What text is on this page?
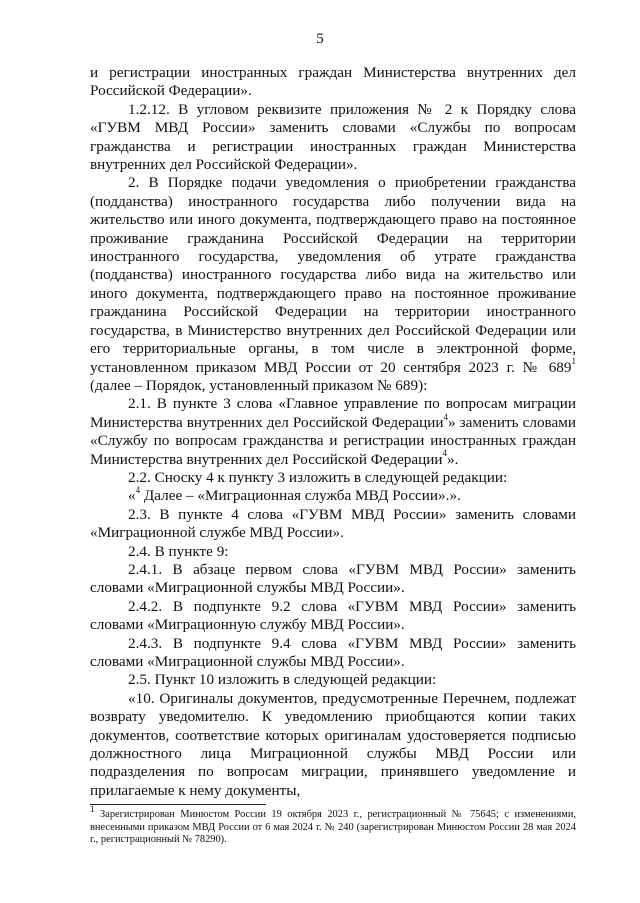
5

и регистрации иностранных граждан Министерства внутренних дел Российской Федерации».

1.2.12. В угловом реквизите приложения № 2 к Порядку слова «ГУВМ МВД России» заменить словами «Службы по вопросам гражданства и регистрации иностранных граждан Министерства внутренних дел Российской Федерации».

2. В Порядке подачи уведомления о приобретении гражданства (подданства) иностранного государства либо получении вида на жительство или иного документа, подтверждающего право на постоянное проживание гражданина Российской Федерации на территории иностранного государства, уведомления об утрате гражданства (подданства) иностранного государства либо вида на жительство или иного документа, подтверждающего право на постоянное проживание гражданина Российской Федерации на территории иностранного государства, в Министерство внутренних дел Российской Федерации или его территориальные органы, в том числе в электронной форме, установленном приказом МВД России от 20 сентября 2023 г. № $689^1$ (далее – Порядок, установленный приказом № 689):

2.1. В пункте 3 слова «Главное управление по вопросам миграции Министерства внутренних дел Российской Федерации$^4$» заменить словами «Службу по вопросам гражданства и регистрации иностранных граждан Министерства внутренних дел Российской Федерации$^4$».

2.2. Сноску 4 к пункту 3 изложить в следующей редакции:

«$^4$ Далее – «Миграционная служба МВД России».».

2.3. В пункте 4 слова «ГУВМ МВД России» заменить словами «Миграционной службе МВД России».

2.4. В пункте 9:

2.4.1. В абзаце первом слова «ГУВМ МВД России» заменить словами «Миграционной службы МВД России».

2.4.2. В подпункте 9.2 слова «ГУВМ МВД России» заменить словами «Миграционную службу МВД России».

2.4.3. В подпункте 9.4 слова «ГУВМ МВД России» заменить словами «Миграционной службы МВД России».

2.5. Пункт 10 изложить в следующей редакции:

«10. Оригиналы документов, предусмотренные Перечнем, подлежат возврату уведомителю. К уведомлению приобщаются копии таких документов, соответствие которых оригиналам удостоверяется подписью должностного лица Миграционной службы МВД России или подразделения по вопросам миграции, принявшего уведомление и прилагаемые к нему документы,

$^1$ Зарегистрирован Минюстом России 19 октября 2023 г., регистрационный № 75645; с изменениями, внесенными приказом МВД России от 6 мая 2024 г. № 240 (зарегистрирован Минюстом России 28 мая 2024 г., регистрационный № 78290).
